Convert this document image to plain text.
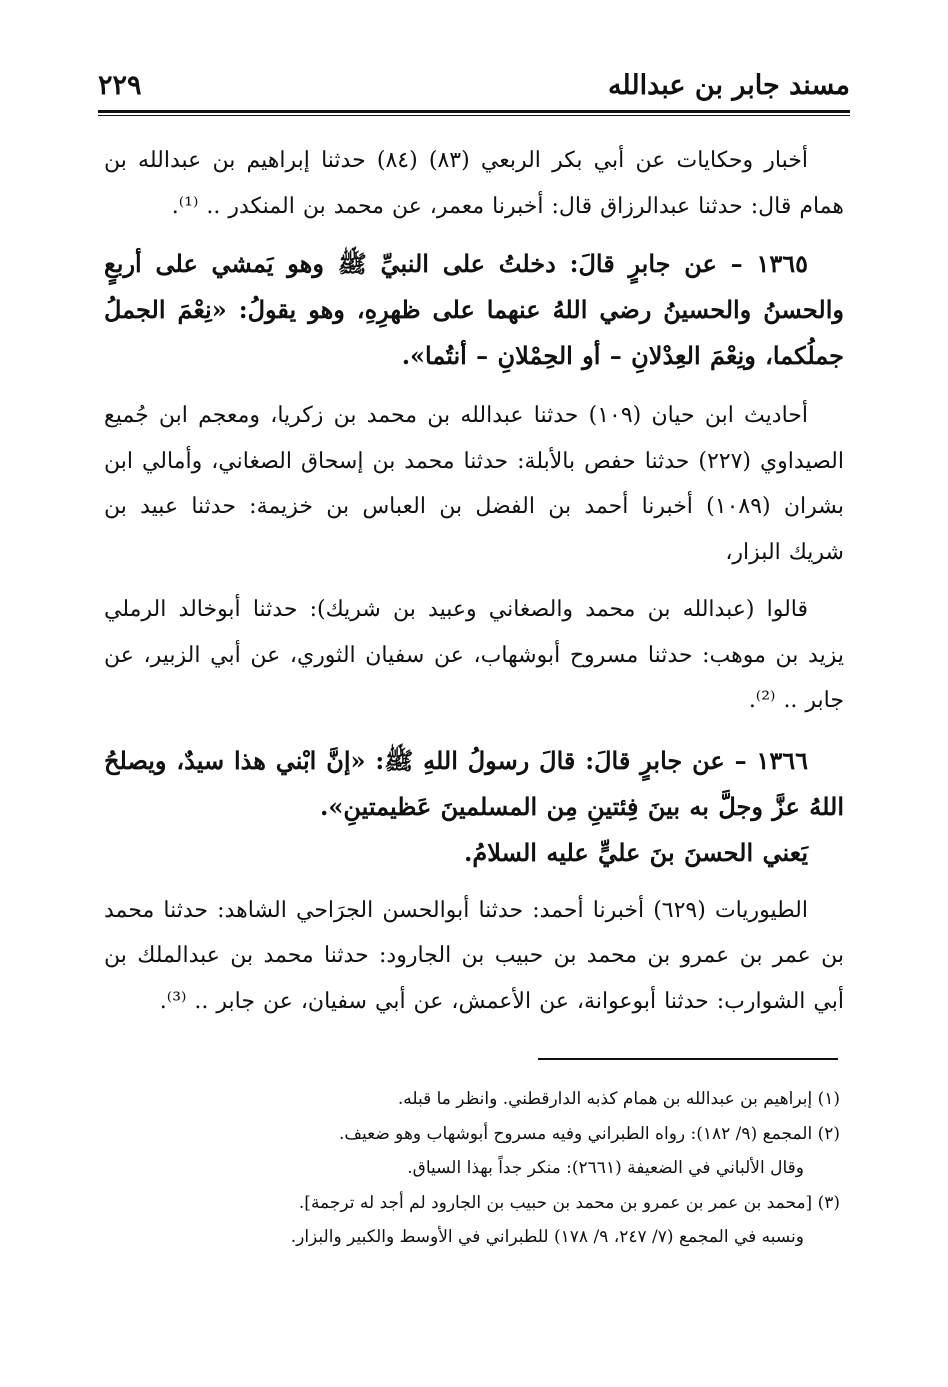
مسند جابر بن عبدالله
٢٢٩

أخبار وحكايات عن أبي بكر الربعي (٨٣) (٨٤) حدثنا إبراهيم بن عبدالله بن همام قال: حدثنا عبدالرزاق قال: أخبرنا معمر، عن محمد بن المنكدر .. ⁽¹⁾.

١٣٦٥ – عن جابرٍ قالَ: دخلتُ على النبيِّ ﷺ وهو يَمشي على أربعٍ والحسنُ والحسينُ رضي اللهُ عنهما على ظهرِهِ، وهو يقولُ: «نِعْمَ الجملُ جملُكما، ونِعْمَ العِدْلانِ – أو الحِمْلانِ – أنتُما».

أحاديث ابن حيان (١٠٩) حدثنا عبدالله بن محمد بن زكريا، ومعجم ابن جُميع الصيداوي (٢٢٧) حدثنا حفص بالأبلة: حدثنا محمد بن إسحاق الصغاني، وأمالي ابن بشران (١٠٨٩) أخبرنا أحمد بن الفضل بن العباس بن خزيمة: حدثنا عبيد بن شريك البزار،

قالوا (عبدالله بن محمد والصغاني وعبيد بن شريك): حدثنا أبوخالد الرملي يزيد بن موهب: حدثنا مسروح أبوشهاب، عن سفيان الثوري، عن أبي الزبير، عن جابر .. ⁽²⁾.

١٣٦٦ – عن جابرٍ قالَ: قالَ رسولُ اللهِ ﷺ: «إنَّ ابْني هذا سيدٌ، ويصلحُ اللهُ عزَّ وجلَّ به بينَ فِئتينِ مِن المسلمينَ عَظيمتينِ».

يَعني الحسنَ بنَ عليٍّ عليه السلامُ.

الطيوريات (٦٢٩) أخبرنا أحمد: حدثنا أبوالحسن الجرَاحي الشاهد: حدثنا محمد بن عمر بن عمرو بن محمد بن حبيب بن الجارود: حدثنا محمد بن عبدالملك بن أبي الشوارب: حدثنا أبوعوانة، عن الأعمش، عن أبي سفيان، عن جابر .. ⁽³⁾.

(١) إبراهيم بن عبدالله بن همام كذبه الدارقطني. وانظر ما قبله.

(٢) المجمع (٩/ ١٨٢): رواه الطبراني وفيه مسروح أبوشهاب وهو ضعيف.

وقال الألباني في الضعيفة (٢٦٦١): منكر جداً بهذا السياق.

(٣) [محمد بن عمر بن عمرو بن محمد بن حبيب بن الجارود لم أجد له ترجمة].

ونسبه في المجمع (٧/ ٢٤٧، ٩/ ١٧٨) للطبراني في الأوسط والكبير والبزار.
